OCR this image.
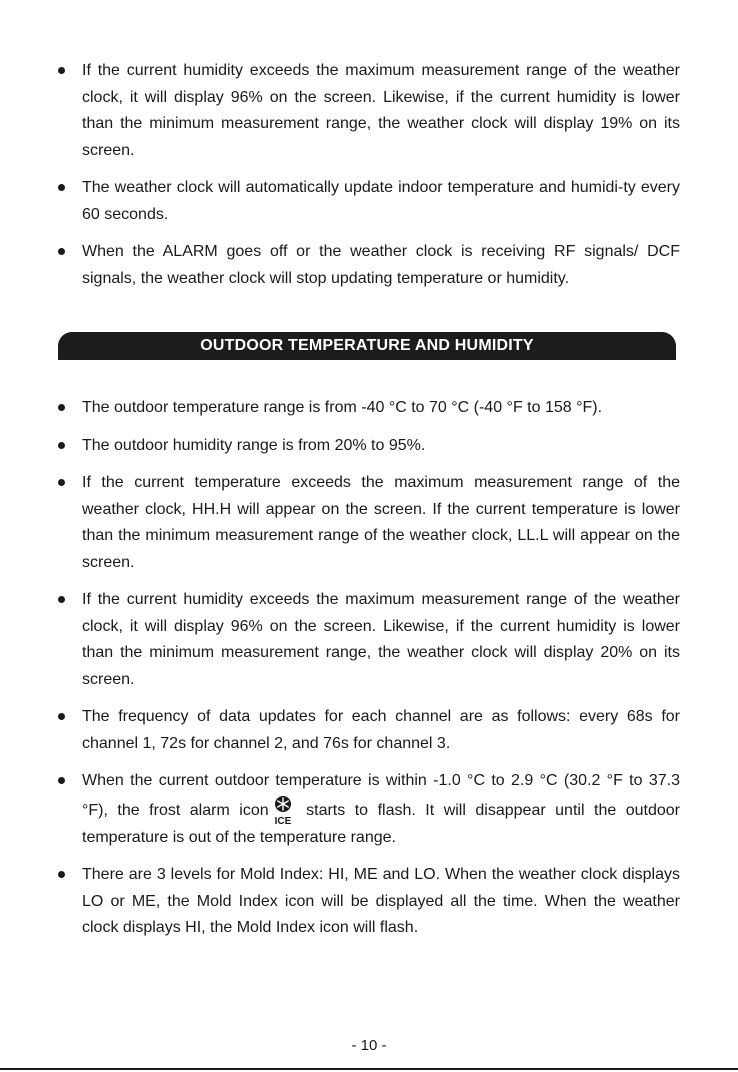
If the current humidity exceeds the maximum measurement range of the weather clock, it will display 96% on the screen. Likewise, if the current humidity is lower than the minimum measurement range, the weather clock will display 19% on its screen.
The weather clock will automatically update indoor temperature and humidi-ty every 60 seconds.
When the ALARM goes off or the weather clock is receiving RF signals/ DCF signals, the weather clock will stop updating temperature or humidity.
OUTDOOR TEMPERATURE AND HUMIDITY
The outdoor temperature range is from -40 °C to 70 °C (-40 °F to 158 °F).
The outdoor humidity range is from 20% to 95%.
If the current temperature exceeds the maximum measurement range of the weather clock, HH.H will appear on the screen. If the current temperature is lower than the minimum measurement range of the weather clock, LL.L will appear on the screen.
If the current humidity exceeds the maximum measurement range of the weather clock, it will display 96% on the screen. Likewise, if the current humidity is lower than the minimum measurement range, the weather clock will display 20% on its screen.
The frequency of data updates for each channel are as follows: every 68s for channel 1, 72s for channel 2, and 76s for channel 3.
When the current outdoor temperature is within -1.0 °C to 2.9 °C (30.2 °F to 37.3 °F), the frost alarm icon
ICE
starts to flash. It will disappear until the outdoor temperature is out of the temperature range.
There are 3 levels for Mold Index: HI, ME and LO. When the weather clock displays LO or ME, the Mold Index icon will be displayed all the time. When the weather clock displays HI, the Mold Index icon will flash.
- 10 -
